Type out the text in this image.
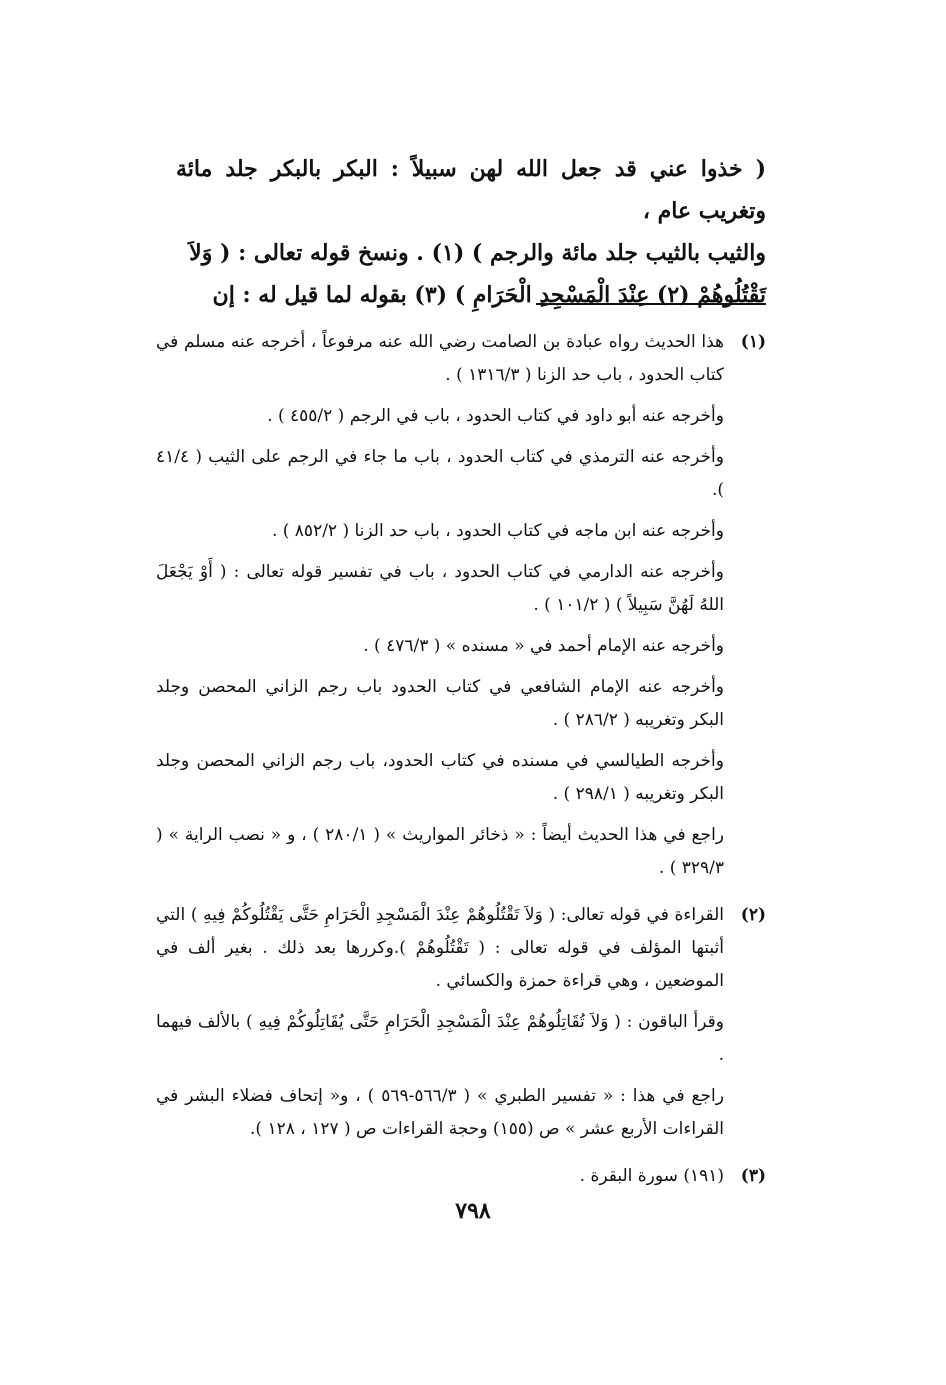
( خذوا عني قد جعل الله لهن سبيلاً : البكر بالبكر جلد مائة وتغريب عام ،

والثيب بالثيب جلد مائة والرجم ) (١) . ونسخ قوله تعالى : ( وَلاَ

تَقْتُلُوهُمْ (٢) عِنْدَ الْمَسْجِدِ الْحَرَامِ ) (٣) بقوله لما قيل له : إن

(١)

هذا الحديث رواه عبادة بن الصامت رضي الله عنه مرفوعاً ، أخرجه عنه مسلم في كتاب الحدود ، باب حد الزنا ( ١٣١٦/٣ ) .

وأخرجه عنه أبو داود في كتاب الحدود ، باب في الرجم ( ٤٥٥/٢ ) .

وأخرجه عنه الترمذي في كتاب الحدود ، باب ما جاء في الرجم على الثيب ( ٤١/٤ ).

وأخرجه عنه ابن ماجه في كتاب الحدود ، باب حد الزنا ( ٨٥٢/٢ ) .

وأخرجه عنه الدارمي في كتاب الحدود ، باب في تفسير قوله تعالى : ( أَوْ يَجْعَلَ اللهُ لَهُنَّ سَبِيلاً ) ( ١٠١/٢ ) .

وأخرجه عنه الإمام أحمد في « مسنده » ( ٤٧٦/٣ ) .

وأخرجه عنه الإمام الشافعي في كتاب الحدود باب رجم الزاني المحصن وجلد البكر وتغريبه ( ٢٨٦/٢ ) .

وأخرجه الطيالسي في مسنده في كتاب الحدود، باب رجم الزاني المحصن وجلد البكر وتغريبه ( ٢٩٨/١ ) .

راجع في هذا الحديث أيضاً : « ذخائر المواريث » ( ٢٨٠/١ ) ، و « نصب الراية » ( ٣٢٩/٣ ) .

(٢)

القراءة في قوله تعالى: ( وَلاَ تَقْتُلُوهُمْ عِنْدَ الْمَسْجِدِ الْحَرَامِ حَتَّى يَقْتُلُوكُمْ فِيهِ ) التي أثبتها المؤلف في قوله تعالى : ( تَقْتُلُوهُمْ ).وكررها بعد ذلك . بغير ألف في الموضعين ، وهي قراءة حمزة والكسائي .

وقرأ الباقون : ( وَلاَ تُقَاتِلُوهُمْ عِنْدَ الْمَسْجِدِ الْحَرَامِ حَتَّى يُقَاتِلُوكُمْ فِيهِ ) بالألف فيهما .

راجع في هذا : « تفسير الطبري » ( ٥٦٦/٣-٥٦٩ ) ، و« إتحاف فضلاء البشر في القراءات الأربع عشر » ص (١٥٥) وحجة القراءات ص ( ١٢٧ ، ١٢٨ ).

(٣)

(١٩١) سورة البقرة .

٧٩٨
